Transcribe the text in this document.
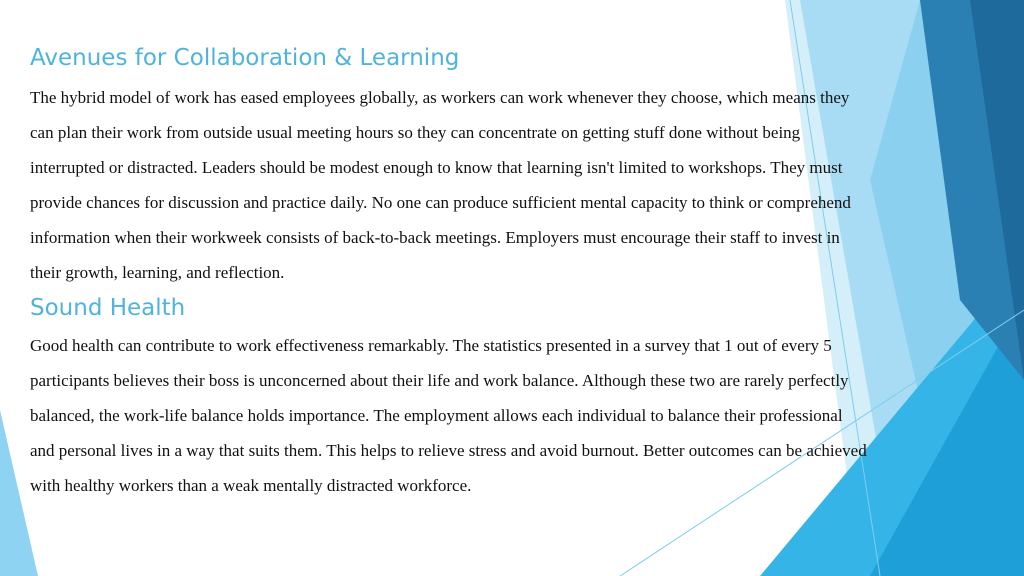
Avenues for Collaboration & Learning

The hybrid model of work has eased employees globally, as workers can work whenever they choose, which means they can plan their work from outside usual meeting hours so they can concentrate on getting stuff done without being interrupted or distracted. Leaders should be modest enough to know that learning isn't limited to workshops. They must provide chances for discussion and practice daily. No one can produce sufficient mental capacity to think or comprehend information when their workweek consists of back-to-back meetings. Employers must encourage their staff to invest in their growth, learning, and reflection.

Sound Health

Good health can contribute to work effectiveness remarkably. The statistics presented in a survey that 1 out of every 5 participants believes their boss is unconcerned about their life and work balance. Although these two are rarely perfectly balanced, the work-life balance holds importance. The employment allows each individual to balance their professional and personal lives in a way that suits them. This helps to relieve stress and avoid burnout. Better outcomes can be achieved with healthy workers than a weak mentally distracted workforce.
